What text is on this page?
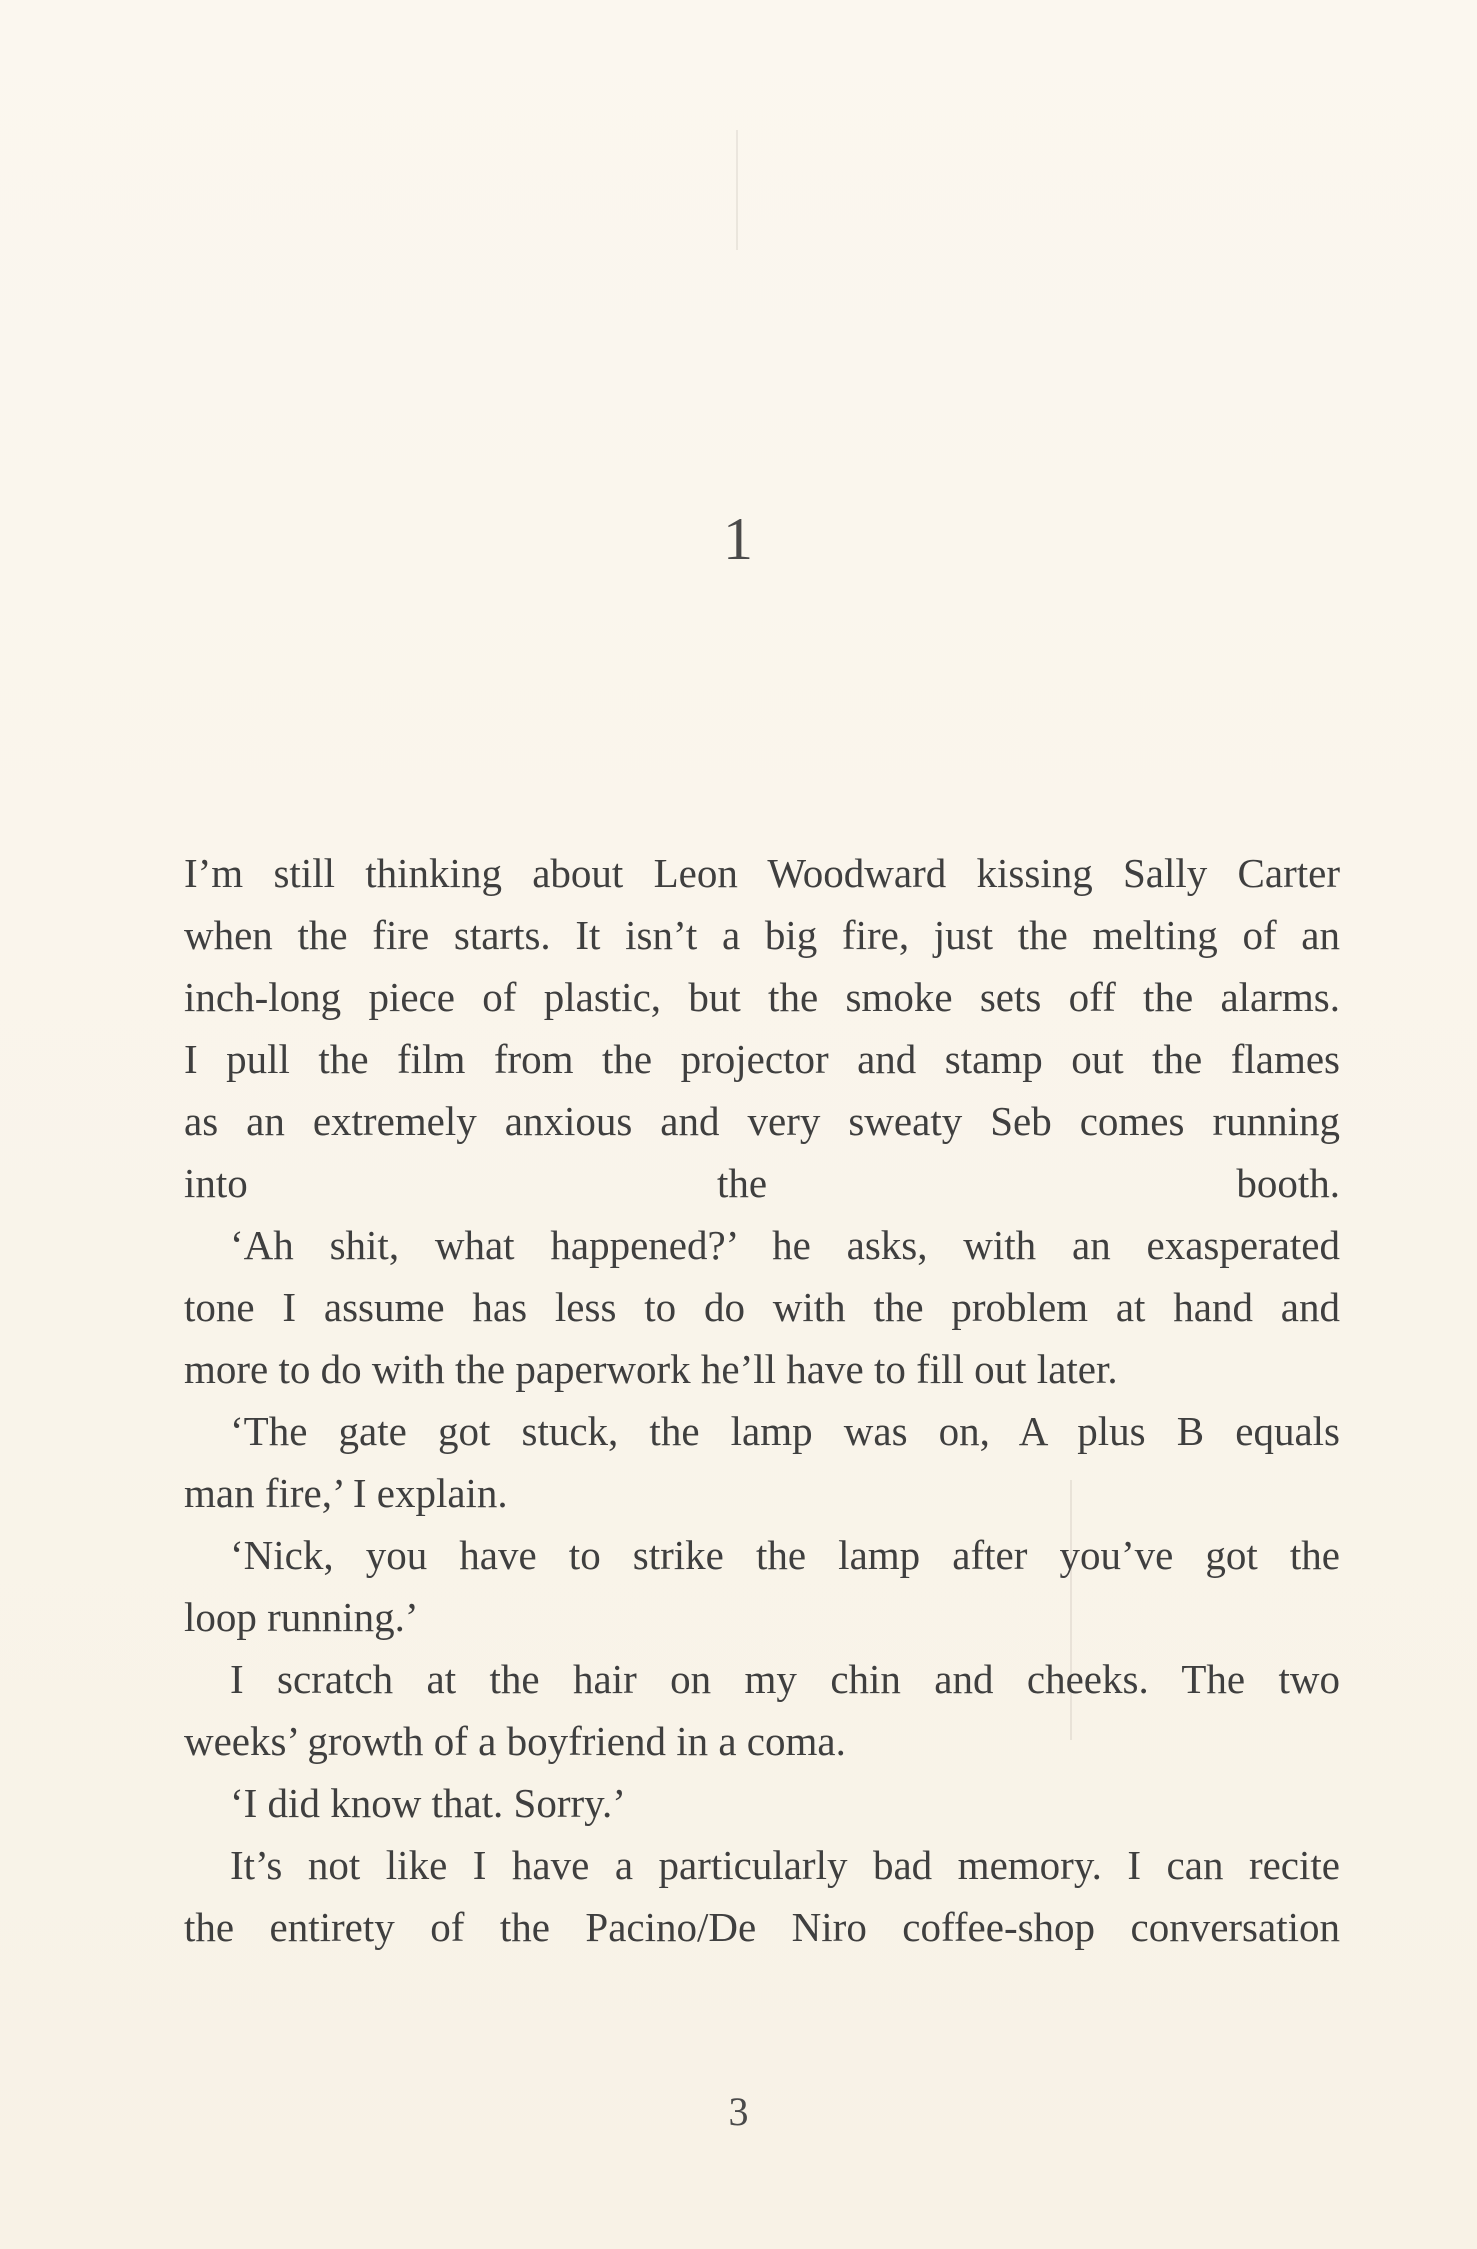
1

I’m still thinking about Leon Woodward kissing Sally Carter
when the fire starts. It isn’t a big fire, just the melting of an
inch-long piece of plastic, but the smoke sets off the alarms.
I pull the film from the projector and stamp out the flames
as an extremely anxious and very sweaty Seb comes running
into the booth.

‘Ah shit, what happened?’ he asks, with an exasperated
tone I assume has less to do with the problem at hand and
more to do with the paperwork he’ll have to fill out later.

‘The gate got stuck, the lamp was on, A plus B equals
man fire,’ I explain.

‘Nick, you have to strike the lamp after you’ve got the
loop running.’

I scratch at the hair on my chin and cheeks. The two
weeks’ growth of a boyfriend in a coma.

‘I did know that. Sorry.’

It’s not like I have a particularly bad memory. I can recite
the entirety of the Pacino/De Niro coffee-shop conversation

3
